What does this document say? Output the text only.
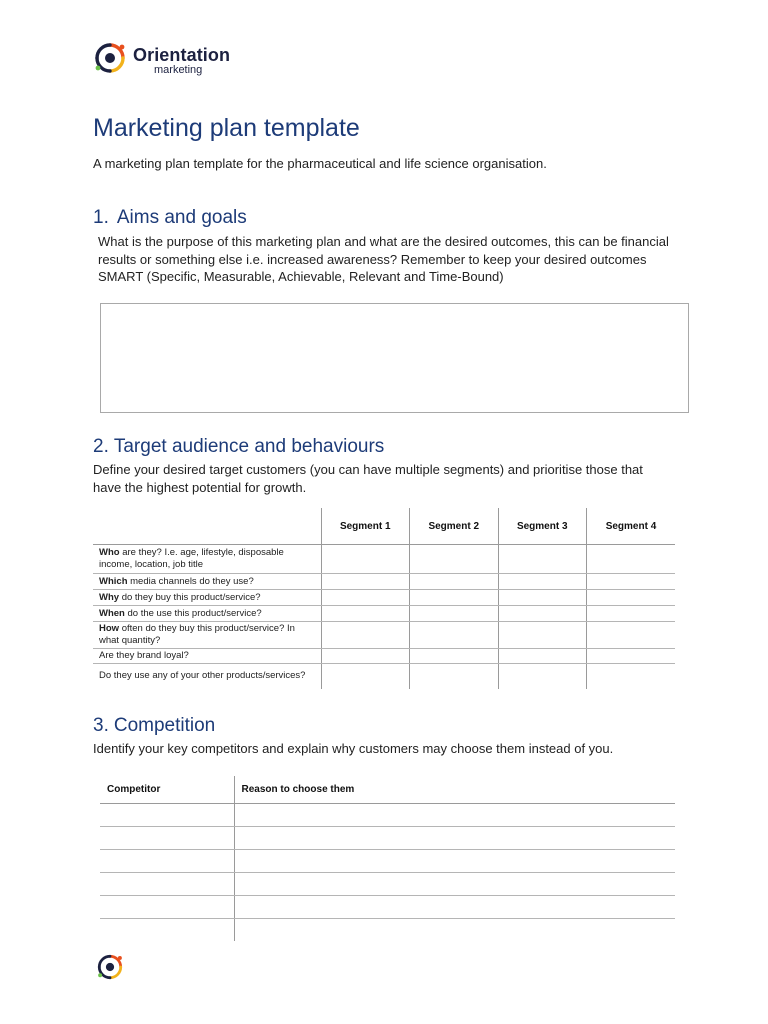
Orientation
marketing
Marketing plan template

A marketing plan template for the pharmaceutical and life science organisation.

1. Aims and goals

What is the purpose of this marketing plan and what are the desired outcomes, this can be financial results or something else i.e. increased awareness? Remember to keep your desired outcomes SMART (Specific, Measurable, Achievable, Relevant and Time-Bound)

2. Target audience and behaviours

Define your desired target customers (you can have multiple segments) and prioritise those that have the highest potential for growth.

	Segment 1	Segment 2	Segment 3	Segment 4
Who are they? I.e. age, lifestyle, disposable income, location, job title				
Which media channels do they use?				
Why do they buy this product/service?				
When do the use this product/service?				
How often do they buy this product/service? In what quantity?				
Are they brand loyal?				
Do they use any of your other products/services?				
3. Competition

Identify your key competitors and explain why customers may choose them instead of you.

Competitor	Reason to choose them
